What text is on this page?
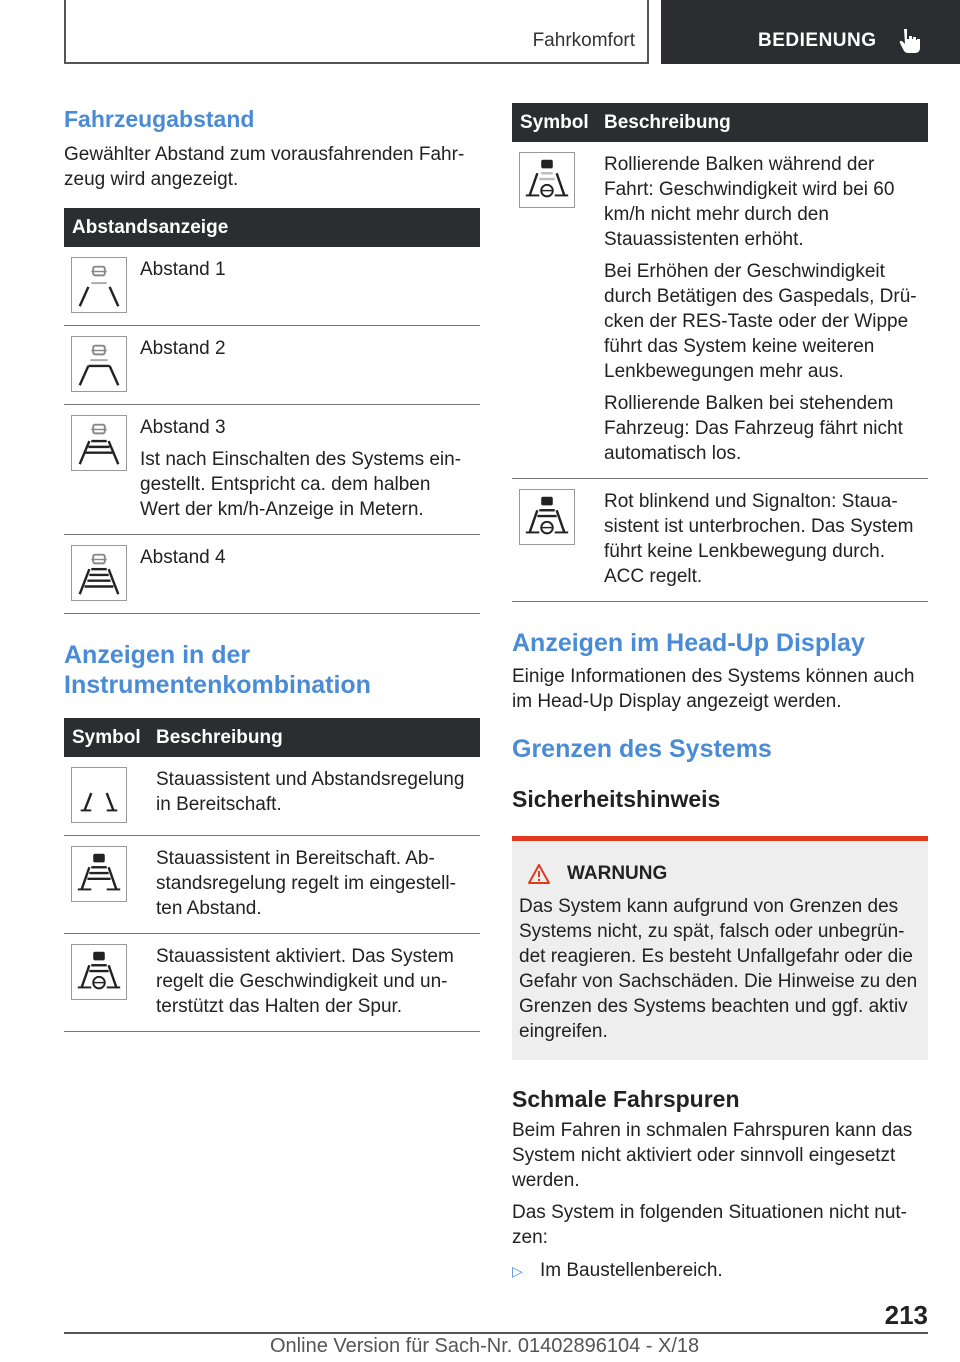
Fahrkomfort	BEDIENUNG
Fahrzeugabstand

Gewählter Abstand zum vorausfahrenden Fahr-zeug wird angezeigt.

Abstandsanzeige	

Abstand 1

Abstand 2

Abstand 3

Ist nach Einschalten des Systems ein-gestellt. Entspricht ca. dem halben Wert der km/h-Anzeige in Metern.

Abstand 4

Anzeigen in der Instrumentenkombination
Symbol	Beschreibung

Stauassistent und Abstandsregelung in Bereitschaft.

Stauassistent in Bereitschaft. Ab-standsregelung regelt im eingestell-ten Abstand.

Stauassistent aktiviert. Das System regelt die Geschwindigkeit und un-terstützt das Halten der Spur.

Symbol	Beschreibung

Rollierende Balken während der Fahrt: Geschwindigkeit wird bei 60 km/h nicht mehr durch den Stauassistenten erhöht.

Bei Erhöhen der Geschwindigkeit durch Betätigen des Gaspedals, Drü-cken der RES-Taste oder der Wippe führt das System keine weiteren Lenkbewegungen mehr aus.

Rollierende Balken bei stehendem Fahrzeug: Das Fahrzeug fährt nicht automatisch los.

Rot blinkend und Signalton: Staua-sistent ist unterbrochen. Das System führt keine Lenkbewegung durch. ACC regelt.

Anzeigen im Head-Up Display

Einige Informationen des Systems können auch im Head-Up Display angezeigt werden.

Grenzen des Systems
Sicherheitshinweis
WARNUNG

Das System kann aufgrund von Grenzen des Systems nicht, zu spät, falsch oder unbegrün-det reagieren. Es besteht Unfallgefahr oder die Gefahr von Sachschäden. Die Hinweise zu den Grenzen des Systems beachten und ggf. aktiv eingreifen.

Schmale Fahrspuren

Beim Fahren in schmalen Fahrspuren kann das System nicht aktiviert oder sinnvoll eingesetzt werden.

Das System in folgenden Situationen nicht nut-zen:

▷ Im Baustellenbereich.
213
Online Version für Sach-Nr. 01402896104 - X/18
